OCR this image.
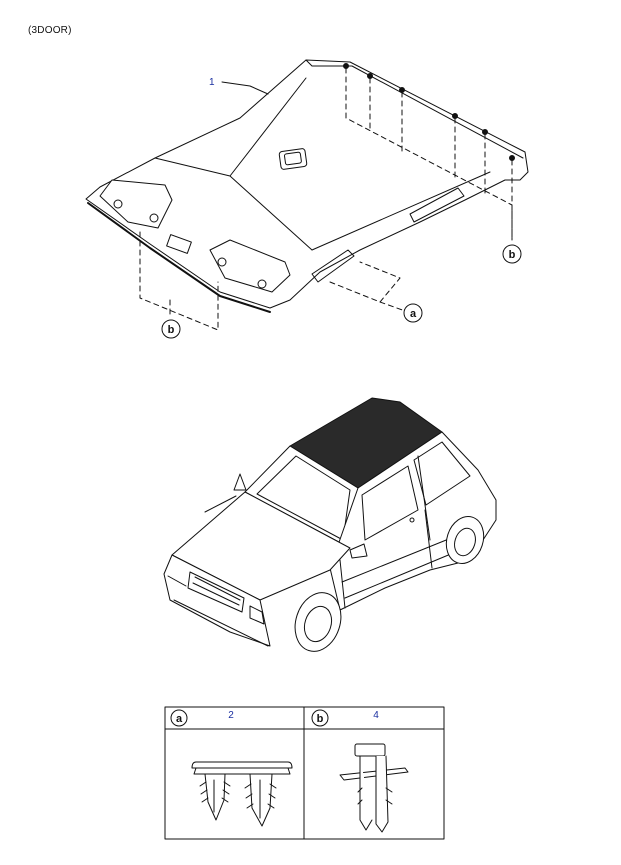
(3DOOR)
1
b
a
b
a	2	b	4
